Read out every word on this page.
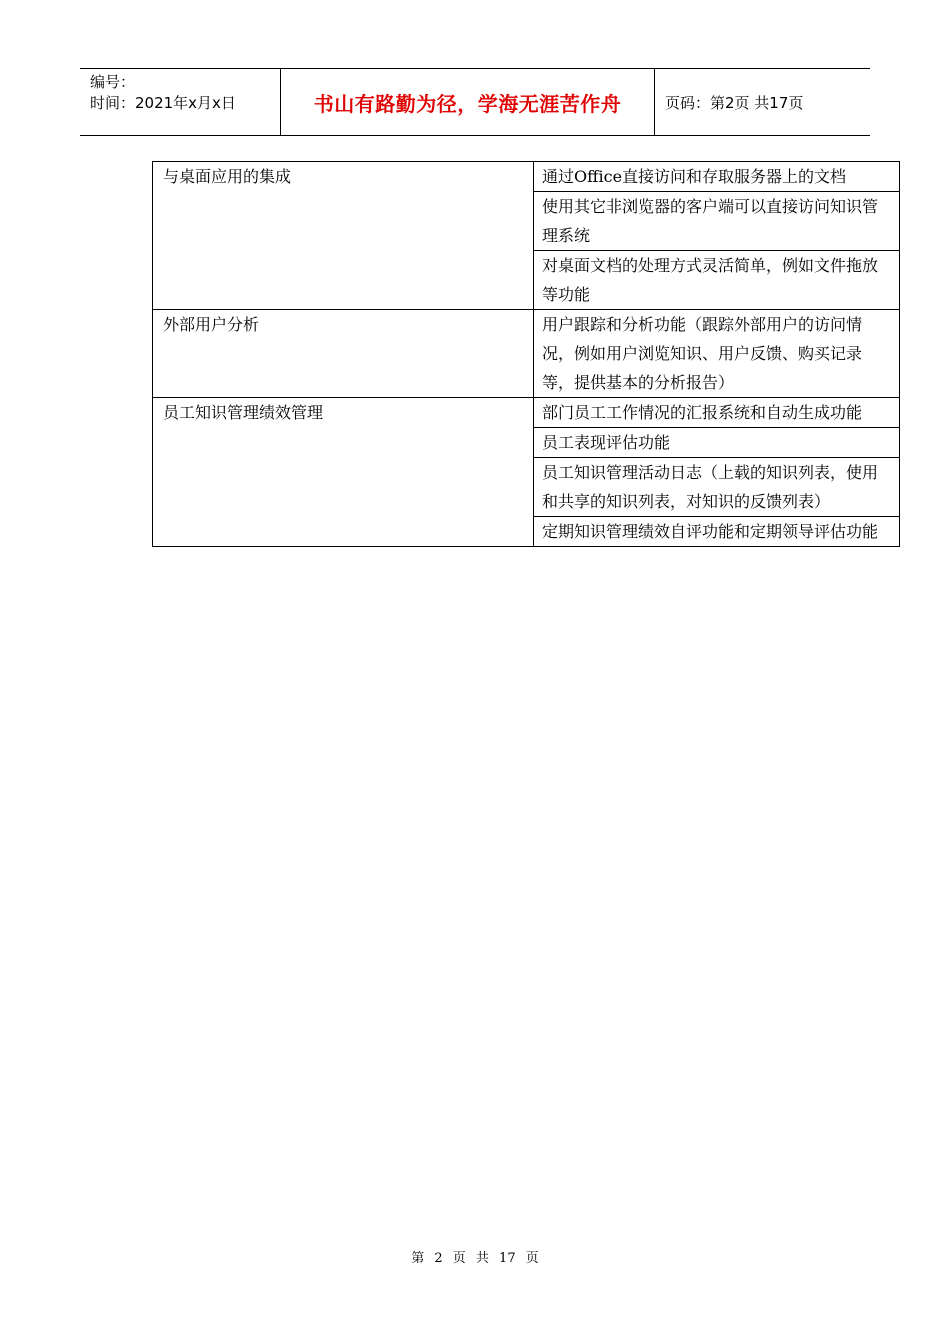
编号：
时间：2021年x月x日	书山有路勤为径，学海无涯苦作舟	页码：第2页 共17页
与桌面应用的集成	通过Office直接访问和存取服务器上的文档
	使用其它非浏览器的客户端可以直接访问知识管理系统
	对桌面文档的处理方式灵活简单，例如文件拖放等功能
外部用户分析	用户跟踪和分析功能（跟踪外部用户的访问情况，例如用户浏览知识、用户反馈、购买记录等，提供基本的分析报告）
员工知识管理绩效管理	部门员工工作情况的汇报系统和自动生成功能
	员工表现评估功能
	员工知识管理活动日志（上载的知识列表，使用和共享的知识列表，对知识的反馈列表）
	定期知识管理绩效自评功能和定期领导评估功能
第 2 页 共 17 页
